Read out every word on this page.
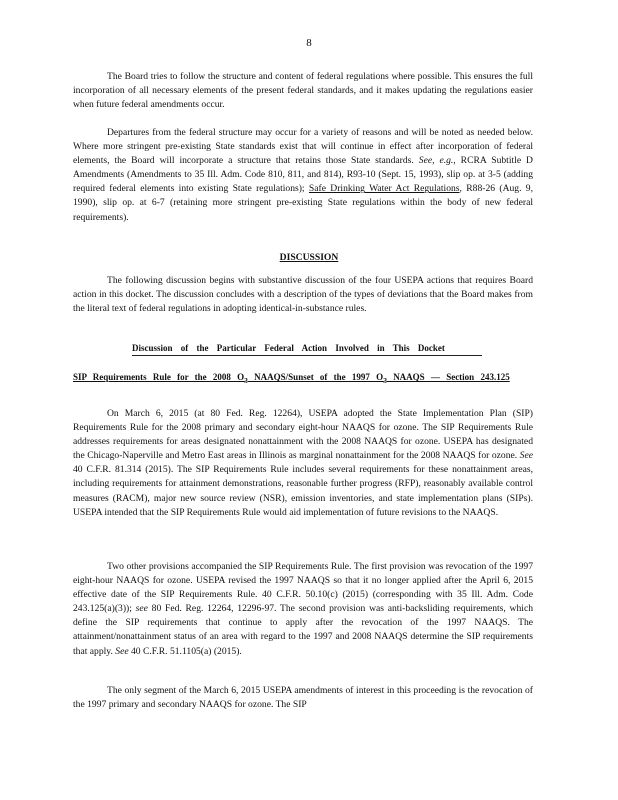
8

The Board tries to follow the structure and content of federal regulations where possible. This ensures the full incorporation of all necessary elements of the present federal standards, and it makes updating the regulations easier when future federal amendments occur.

Departures from the federal structure may occur for a variety of reasons and will be noted as needed below. Where more stringent pre-existing State standards exist that will continue in effect after incorporation of federal elements, the Board will incorporate a structure that retains those State standards. See, e.g., RCRA Subtitle D Amendments (Amendments to 35 Ill. Adm. Code 810, 811, and 814), R93-10 (Sept. 15, 1993), slip op. at 3-5 (adding required federal elements into existing State regulations); Safe Drinking Water Act Regulations, R88-26 (Aug. 9, 1990), slip op. at 6-7 (retaining more stringent pre-existing State regulations within the body of new federal requirements).

DISCUSSION

The following discussion begins with substantive discussion of the four USEPA actions that requires Board action in this docket. The discussion concludes with a description of the types of deviations that the Board makes from the literal text of federal regulations in adopting identical-in-substance rules.

Discussion of the Particular Federal Action Involved in This Docket
SIP Requirements Rule for the 2008 $O_3$ NAAQS/Sunset of the 1997 $O_3$ NAAQS — Section 243.125

On March 6, 2015 (at 80 Fed. Reg. 12264), USEPA adopted the State Implementation Plan (SIP) Requirements Rule for the 2008 primary and secondary eight-hour NAAQS for ozone. The SIP Requirements Rule addresses requirements for areas designated nonattainment with the 2008 NAAQS for ozone. USEPA has designated the Chicago-Naperville and Metro East areas in Illinois as marginal nonattainment for the 2008 NAAQS for ozone. See 40 C.F.R. 81.314 (2015). The SIP Requirements Rule includes several requirements for these nonattainment areas, including requirements for attainment demonstrations, reasonable further progress (RFP), reasonably available control measures (RACM), major new source review (NSR), emission inventories, and state implementation plans (SIPs). USEPA intended that the SIP Requirements Rule would aid implementation of future revisions to the NAAQS.

Two other provisions accompanied the SIP Requirements Rule. The first provision was revocation of the 1997 eight-hour NAAQS for ozone. USEPA revised the 1997 NAAQS so that it no longer applied after the April 6, 2015 effective date of the SIP Requirements Rule. 40 C.F.R. 50.10(c) (2015) (corresponding with 35 Ill. Adm. Code 243.125(a)(3)); see 80 Fed. Reg. 12264, 12296-97. The second provision was anti-backsliding requirements, which define the SIP requirements that continue to apply after the revocation of the 1997 NAAQS. The attainment/nonattainment status of an area with regard to the 1997 and 2008 NAAQS determine the SIP requirements that apply. See 40 C.F.R. 51.1105(a) (2015).

The only segment of the March 6, 2015 USEPA amendments of interest in this proceeding is the revocation of the 1997 primary and secondary NAAQS for ozone. The SIP
